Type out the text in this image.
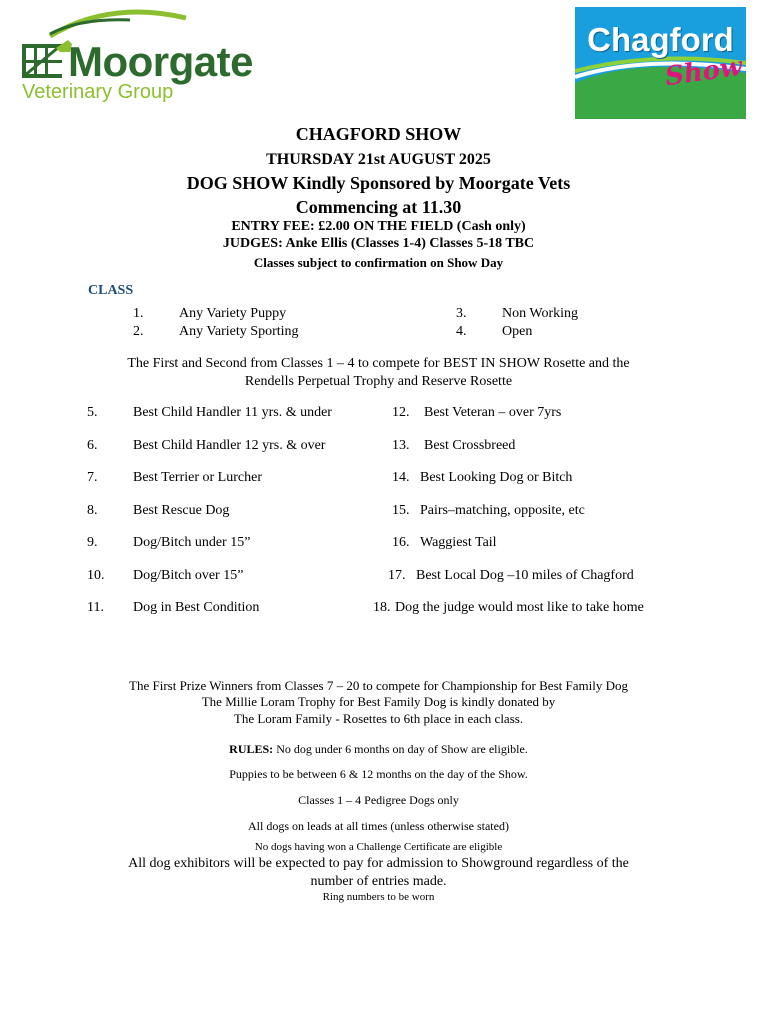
Moorgate
Veterinary Group
Chagford
Show
CHAGFORD SHOW
THURSDAY 21st AUGUST 2025
DOG SHOW Kindly Sponsored by Moorgate Vets
Commencing at 11.30
ENTRY FEE: £2.00 ON THE FIELD (Cash only)
JUDGES: Anke Ellis (Classes 1-4) Classes 5-18 TBC
Classes subject to confirmation on Show Day
CLASS
1.	Any Variety Puppy
2.	Any Variety Sporting
3.	Non Working
4.	Open
The First and Second from Classes 1 – 4 to compete for BEST IN SHOW Rosette and the
Rendells Perpetual Trophy and Reserve Rosette
5.	Best Child Handler 11 yrs. & under
6.	Best Child Handler 12 yrs. & over
7.	Best Terrier or Lurcher
8.	Best Rescue Dog
9.	Dog/Bitch under 15”
10. Dog/Bitch over 15”
11. Dog in Best Condition
12. Best Veteran – over 7yrs
13. Best Crossbreed
14. Best Looking Dog or Bitch
15. Pairs–matching, opposite, etc
16. Waggiest Tail
17. Best Local Dog –10 miles of Chagford
18. Dog the judge would most like to take home
The First Prize Winners from Classes 7 – 20 to compete for Championship for Best Family Dog
The Millie Loram Trophy for Best Family Dog is kindly donated by
The Loram Family - Rosettes to 6th place in each class.
RULES: No dog under 6 months on day of Show are eligible.
Puppies to be between 6 & 12 months on the day of the Show.
Classes 1 – 4 Pedigree Dogs only
All dogs on leads at all times (unless otherwise stated)
No dogs having won a Challenge Certificate are eligible
All dog exhibitors will be expected to pay for admission to Showground regardless of the
number of entries made.
Ring numbers to be worn
